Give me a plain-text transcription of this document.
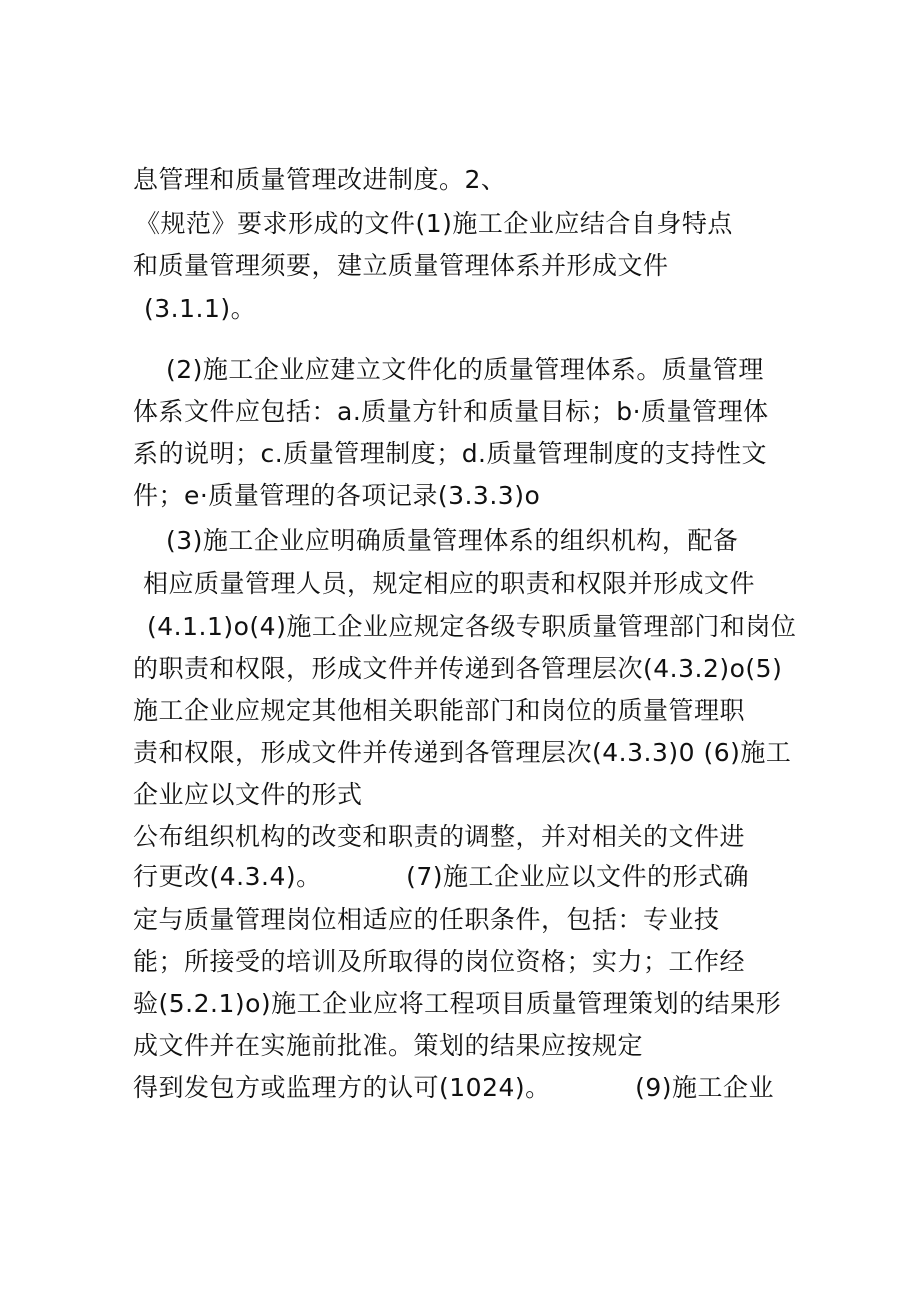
息管理和质量管理改进制度。2、
《规范》要求形成的文件(1)施工企业应结合自身特点
和质量管理须要，建立质量管理体系并形成文件
(3.1.1)。
(2)施工企业应建立文件化的质量管理体系。质量管理
体系文件应包括：a.质量方针和质量目标；b·质量管理体
系的说明；c.质量管理制度；d.质量管理制度的支持性文
件；e·质量管理的各项记录(3.3.3)o
(3)施工企业应明确质量管理体系的组织机构，配备
相应质量管理人员，规定相应的职责和权限并形成文件
(4.1.1)o(4)施工企业应规定各级专职质量管理部门和岗位
的职责和权限，形成文件并传递到各管理层次(4.3.2)o(5)
施工企业应规定其他相关职能部门和岗位的质量管理职
责和权限，形成文件并传递到各管理层次(4.3.3)0 (6)施工
企业应以文件的形式
公布组织机构的改变和职责的调整，并对相关的文件进
行更改(4.3.4)。          (7)施工企业应以文件的形式确
定与质量管理岗位相适应的任职条件，包括：专业技
能；所接受的培训及所取得的岗位资格；实力；工作经
验(5.2.1)o)施工企业应将工程项目质量管理策划的结果形
成文件并在实施前批准。策划的结果应按规定
得到发包方或监理方的认可(1024)。          (9)施工企业
